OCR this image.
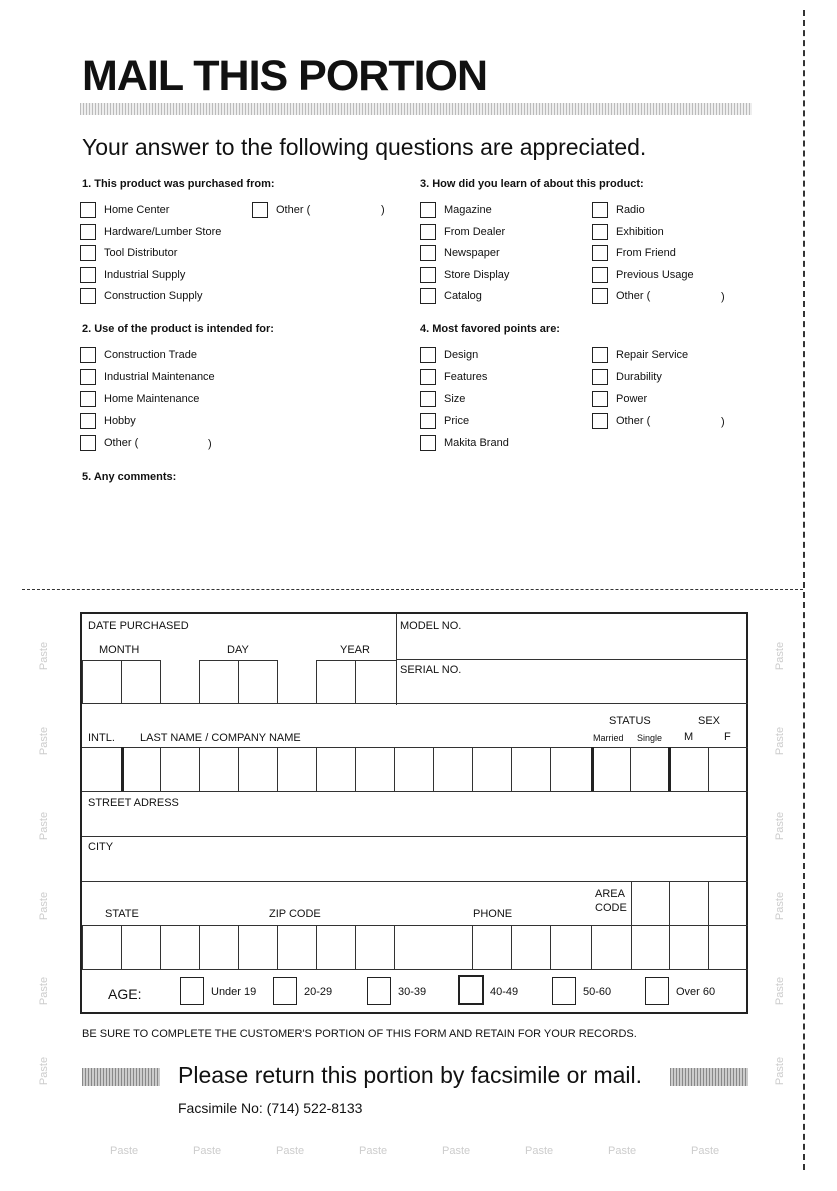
MAIL THIS PORTION
Your answer to the following questions are appreciated.
1. This product was purchased from:
Home Center
Hardware/Lumber Store
Tool Distributor
Industrial Supply
Construction Supply
Other (	)
2. Use of the product is intended for:
Construction Trade
Industrial Maintenance
Home Maintenance
Hobby
Other (	)
3. How did you learn of about this product:
Magazine
From Dealer
Newspaper
Store Display
Catalog
Radio
Exhibition
From Friend
Previous Usage
Other (	)
4. Most favored points are:
Design
Features
Size
Price
Makita Brand
Repair Service
Durability
Power
Other (	)
5. Any comments:
DATE PURCHASED
MONTH	DAY	YEAR
MODEL NO.
SERIAL NO.
INTL. LAST NAME / COMPANY NAME
STATUS
Married Single
SEX
M	F
STREET ADRESS
CITY
STATE	ZIP CODE	PHONE
AREA
CODE
AGE:	Under 19	20-29	30-39	40-49	50-60	Over 60
Paste
Paste
Paste
Paste
Paste
Paste
Paste
Paste
Paste
Paste
Paste
Paste
Paste	Paste	Paste	Paste	Paste	Paste	Paste	Paste
BE SURE TO COMPLETE THE CUSTOMER'S PORTION OF THIS FORM AND RETAIN FOR YOUR RECORDS.
Please return this portion by facsimile or mail.
Facsimile No: (714) 522-8133
